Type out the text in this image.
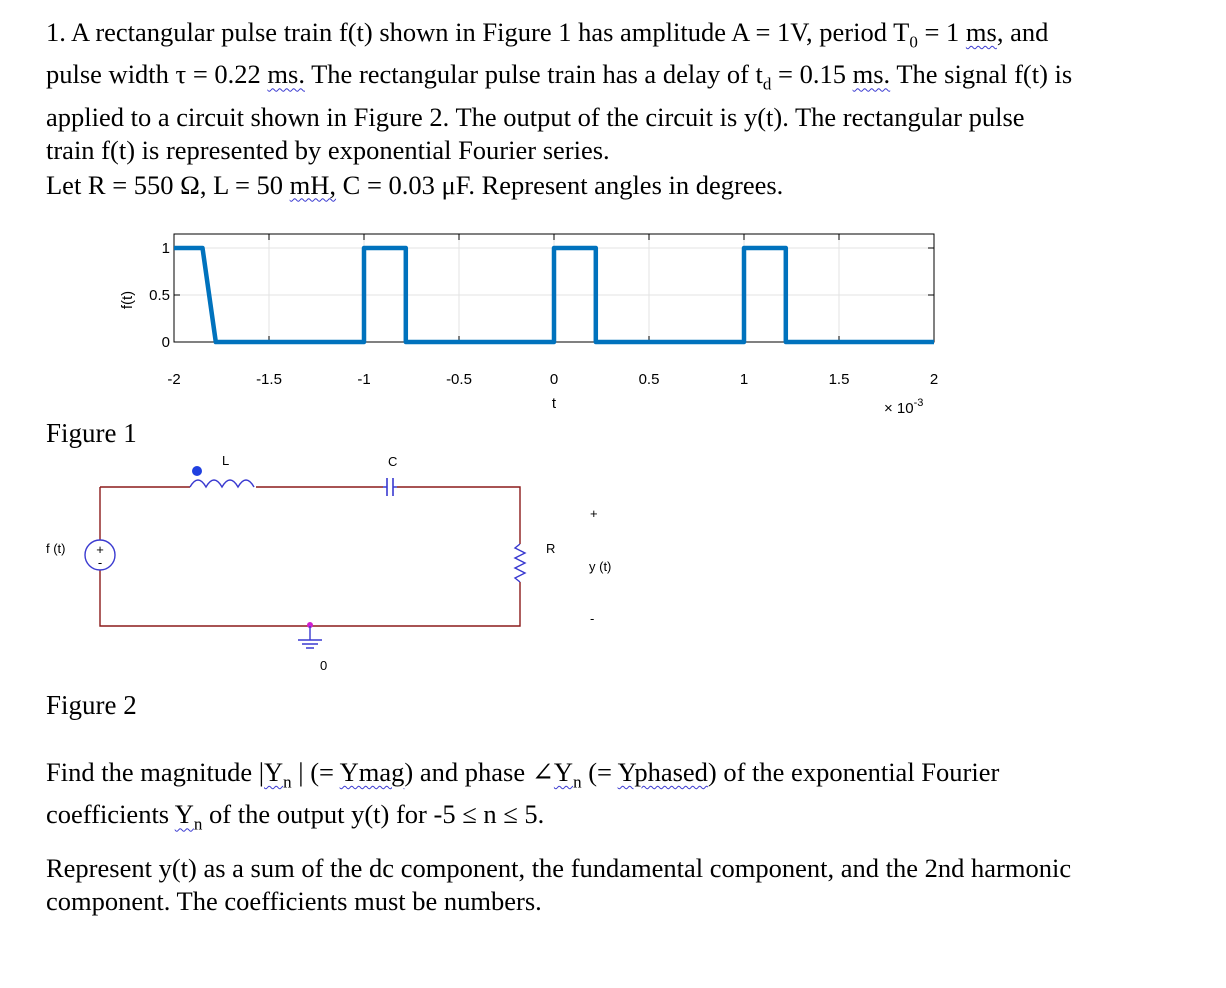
1. A rectangular pulse train f(t) shown in Figure 1 has amplitude A = 1V, period $T_0 = 1$ ms, and

pulse width τ = 0.22 ms. The rectangular pulse train has a delay of $t_d = 0.15$ ms. The signal f(t) is

applied to a circuit shown in Figure 2. The output of the circuit is y(t). The rectangular pulse

train f(t) is represented by exponential Fourier series.

Let R = 550 Ω, L = 50 mH, C = 0.03 μF. Represent angles in degrees.

-2	-1.5	-1	-0.5	0	0.5	1	1.5	2
0
0.5
1
f(t)
t	× $10^{-3}$
+
-
f (t)
L	C
R
+
y (t)
-
0
Figure 1
Figure 2

Find the magnitude $|Y_n$ | (= Ymag) and phase $\angle Y_n$ (= Yphased) of the exponential Fourier

coefficients $Y_n$ of the output y(t) for -5 ≤ n ≤ 5.

Represent y(t) as a sum of the dc component, the fundamental component, and the 2nd harmonic

component. The coefficients must be numbers.
